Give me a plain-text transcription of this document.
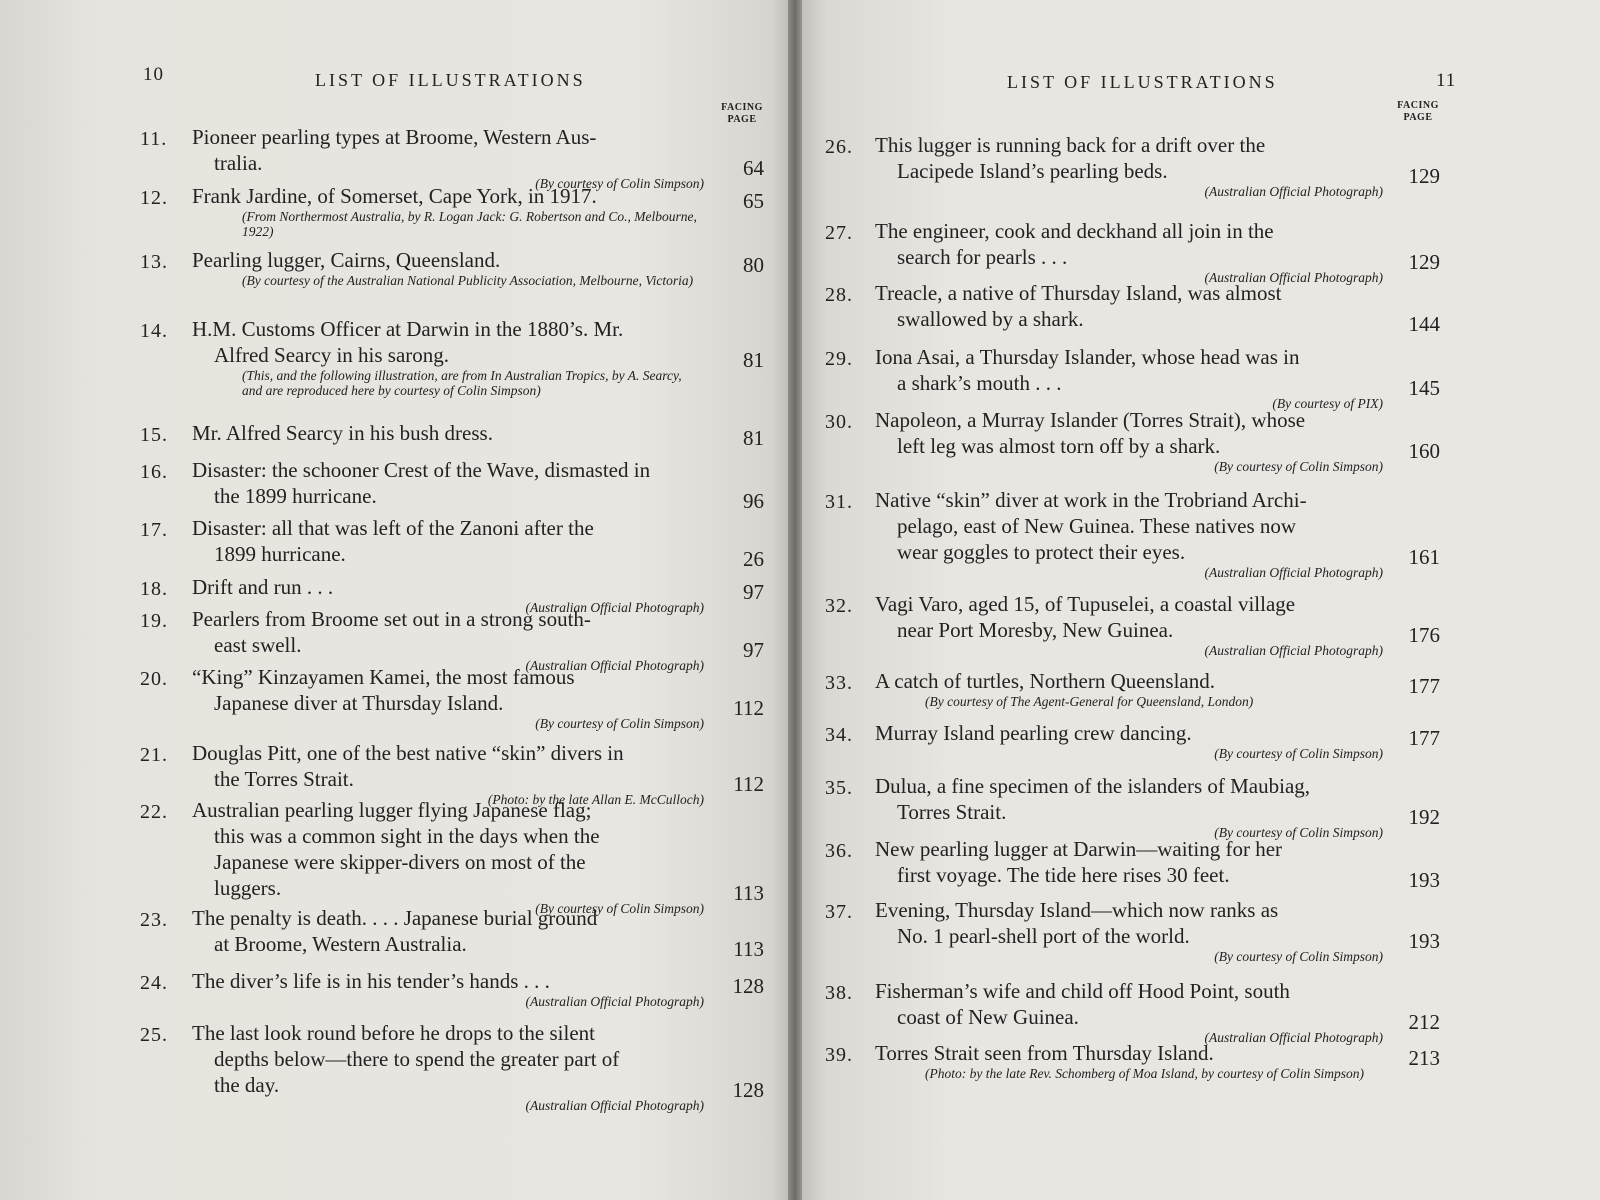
10	LIST OF ILLUSTRATIONS
FACING
PAGE
11. Pioneer pearling types at Broome, Western Aus-
tralia.
(By courtesy of Colin Simpson)
64
12. Frank Jardine, of Somerset, Cape York, in 1917.
(From Northermost Australia, by R. Logan Jack: G. Robertson and Co., Melbourne, 1922)
65
13. Pearling lugger, Cairns, Queensland.
(By courtesy of the Australian National Publicity Association, Melbourne, Victoria)
80
14. H.M. Customs Officer at Darwin in the 1880’s. Mr.
Alfred Searcy in his sarong.
(This, and the following illustration, are from In Australian Tropics, by A. Searcy, and are reproduced here by courtesy of Colin Simpson)
81
15. Mr. Alfred Searcy in his bush dress.	81
16. Disaster: the schooner Crest of the Wave, dismasted in
the 1899 hurricane.	96
17. Disaster: all that was left of the Zanoni after the
1899 hurricane.	26
18. Drift and run . . .
(Australian Official Photograph)
97
19. Pearlers from Broome set out in a strong south-
east swell.
(Australian Official Photograph)
97
20. “King” Kinzayamen Kamei, the most famous
Japanese diver at Thursday Island.
(By courtesy of Colin Simpson)
112
21. Douglas Pitt, one of the best native “skin” divers in
the Torres Strait.
(Photo: by the late Allan E. McCulloch)
112
22. Australian pearling lugger flying Japanese flag;
this was a common sight in the days when the
Japanese were skipper-divers on most of the
luggers.
(By courtesy of Colin Simpson)
113
23. The penalty is death. . . . Japanese burial ground
at Broome, Western Australia.	113
24. The diver’s life is in his tender’s hands . . .
(Australian Official Photograph)
128
25. The last look round before he drops to the silent
depths below—there to spend the greater part of
the day.
(Australian Official Photograph)
128
LIST OF ILLUSTRATIONS	11
FACING
PAGE
26. This lugger is running back for a drift over the
Lacipede Island’s pearling beds.
(Australian Official Photograph)
129
27. The engineer, cook and deckhand all join in the
search for pearls . . .
(Australian Official Photograph)
129
28. Treacle, a native of Thursday Island, was almost
swallowed by a shark.	144
29. Iona Asai, a Thursday Islander, whose head was in
a shark’s mouth . . .
(By courtesy of PIX)
145
30. Napoleon, a Murray Islander (Torres Strait), whose
left leg was almost torn off by a shark.
(By courtesy of Colin Simpson)
160
31. Native “skin” diver at work in the Trobriand Archi-
pelago, east of New Guinea. These natives now
wear goggles to protect their eyes.
(Australian Official Photograph)
161
32. Vagi Varo, aged 15, of Tupuselei, a coastal village
near Port Moresby, New Guinea.
(Australian Official Photograph)
176
33. A catch of turtles, Northern Queensland.
(By courtesy of The Agent-General for Queensland, London)
177
34. Murray Island pearling crew dancing.
(By courtesy of Colin Simpson)
177
35. Dulua, a fine specimen of the islanders of Maubiag,
Torres Strait.
(By courtesy of Colin Simpson)
192
36. New pearling lugger at Darwin—waiting for her
first voyage. The tide here rises 30 feet.	193
37. Evening, Thursday Island—which now ranks as
No. 1 pearl-shell port of the world.
(By courtesy of Colin Simpson)
193
38. Fisherman’s wife and child off Hood Point, south
coast of New Guinea.
(Australian Official Photograph)
212
39. Torres Strait seen from Thursday Island.
(Photo: by the late Rev. Schomberg of Moa Island, by courtesy of Colin Simpson)
213
